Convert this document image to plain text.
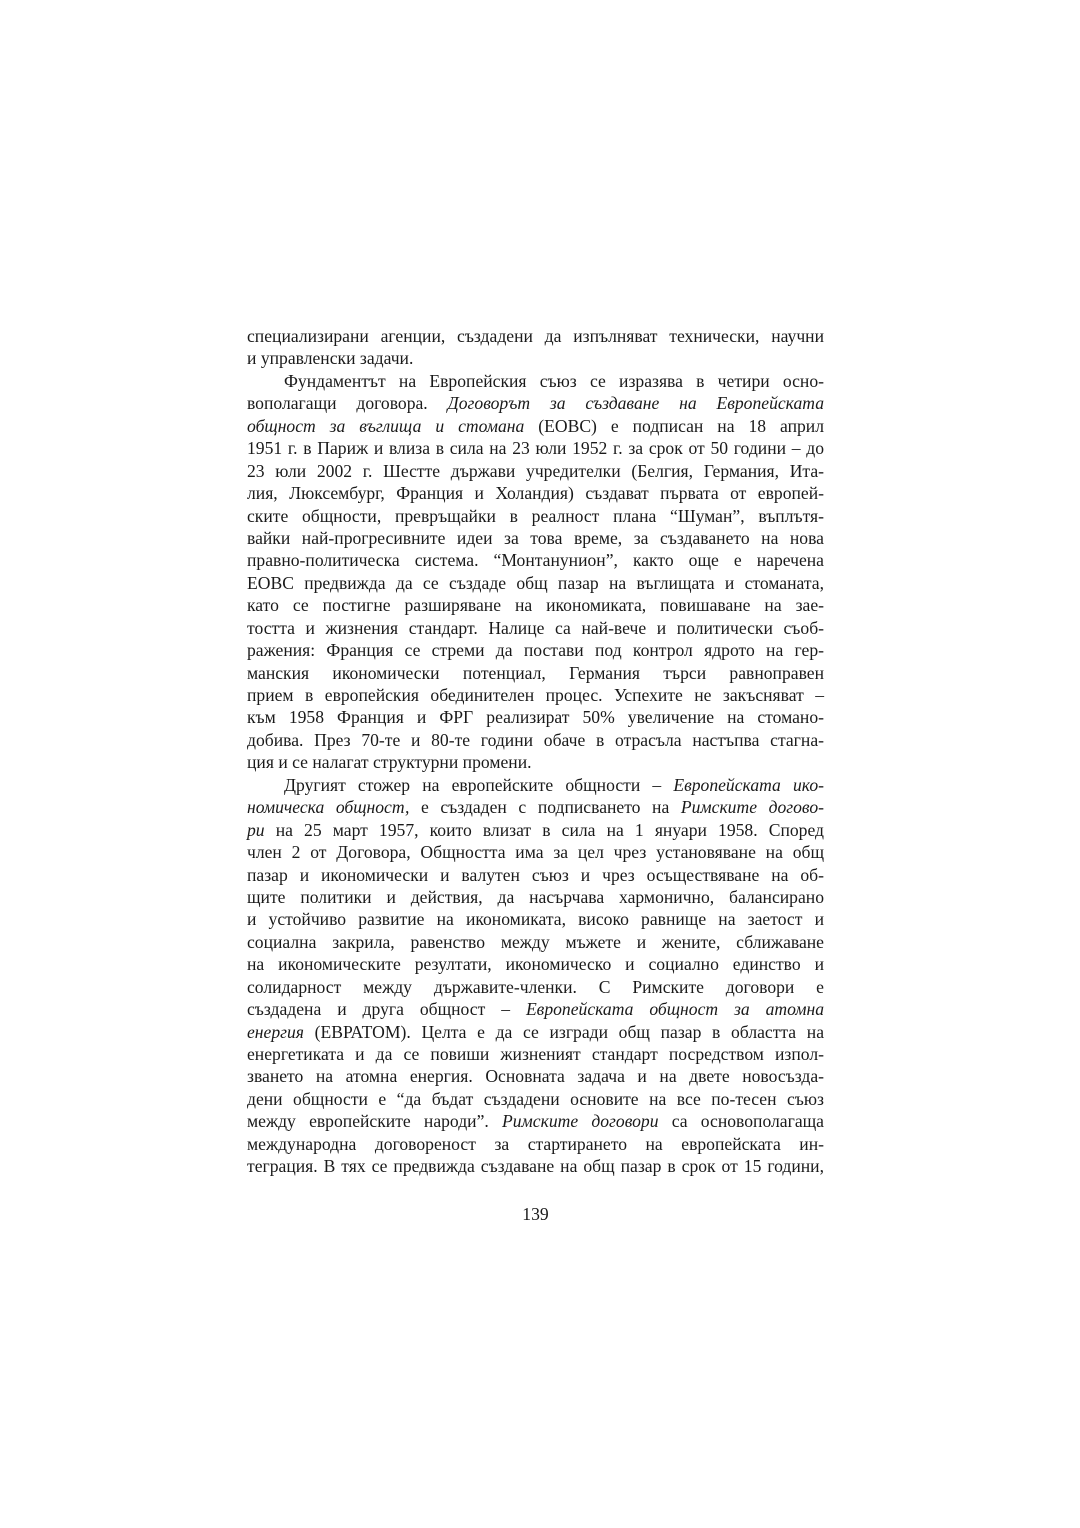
специализирани агенции, създадени да изпълняват технически, научни
и управленски задачи.
Фундаментът на Европейския съюз се изразява в четири осно-
вополагащи договора. Договорът за създаване на Европейската
общност за въглища и стомана (ЕОВС) е подписан на 18 април
1951 г. в Париж и влиза в сила на 23 юли 1952 г. за срок от 50 години – до
23 юли 2002 г. Шестте държави учредителки (Белгия, Германия, Ита-
лия, Люксембург, Франция и Холандия) създават първата от европей-
ските общности, превръщайки в реалност плана “Шуман”, въплътя-
вайки най-прогресивните идеи за това време, за създаването на нова
правно-политическа система. “Монтанунион”, както още е наречена
ЕОВС предвижда да се създаде общ пазар на въглищата и стоманата,
като се постигне разширяване на икономиката, повишаване на зае-
тостта и жизнения стандарт. Налице са най-вече и политически съоб-
ражения: Франция се стреми да постави под контрол ядрото на гер-
манския икономически потенциал, Германия търси равноправен
прием в европейския обединителен процес. Успехите не закъсняват –
към 1958 Франция и ФРГ реализират 50% увеличение на стомано-
добива. През 70-те и 80-те години обаче в отрасъла настъпва стагна-
ция и се налагат структурни промени.
Другият стожер на европейските общности – Европейската ико-
номическа общност, е създаден с подписването на Римските догово-
ри на 25 март 1957, които влизат в сила на 1 януари 1958. Според
член 2 от Договора, Общността има за цел чрез установяване на общ
пазар и икономически и валутен съюз и чрез осъществяване на об-
щите политики и действия, да насърчава хармонично, балансирано
и устойчиво развитие на икономиката, високо равнище на заетост и
социална закрила, равенство между мъжете и жените, сближаване
на икономическите резултати, икономическо и социално единство и
солидарност между държавите-членки. С Римските договори е
създадена и друга общност – Европейската общност за атомна
енергия (ЕВРАТОМ). Целта е да се изгради общ пазар в областта на
енергетиката и да се повиши жизненият стандарт посредством изпол-
зването на атомна енергия. Основната задача и на двете новосъзда-
дени общности е “да бъдат създадени основите на все по-тесен съюз
между европейските народи”. Римските договори са основополагаща
международна договореност за стартирането на европейската ин-
теграция. В тях се предвижда създаване на общ пазар в срок от 15 години,
139
